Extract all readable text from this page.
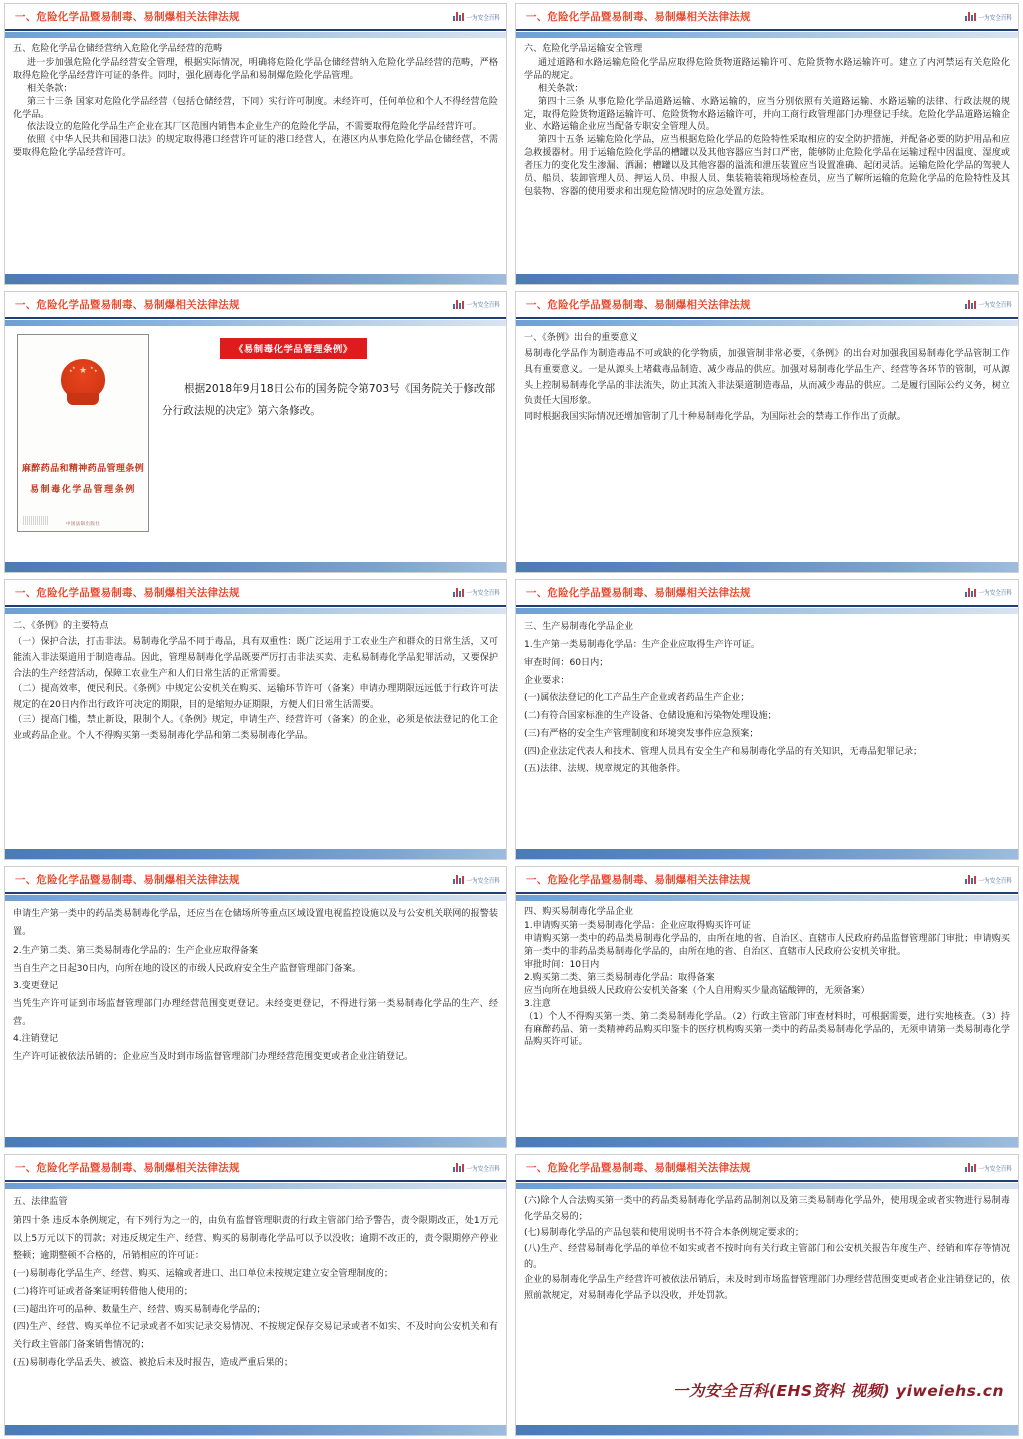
一、危险化学品暨易制毒、易制爆相关法律法规	一为安全百科

五、危险化学品仓储经营纳入危险化学品经营的范畴

进一步加强危险化学品经营安全管理，根据实际情况，明确将危险化学品仓储经营纳入危险化学品经营的范畴，严格取得危险化学品经营许可证的条件。同时，强化剧毒化学品和易制爆危险化学品管理。

相关条款：

第三十三条 国家对危险化学品经营（包括仓储经营，下同）实行许可制度。未经许可，任何单位和个人不得经营危险化学品。

依法设立的危险化学品生产企业在其厂区范围内销售本企业生产的危险化学品，不需要取得危险化学品经营许可。

依照《中华人民共和国港口法》的规定取得港口经营许可证的港口经营人，在港区内从事危险化学品仓储经营，不需要取得危险化学品经营许可。

一、危险化学品暨易制毒、易制爆相关法律法规	一为安全百科

六、危险化学品运输安全管理

通过道路和水路运输危险化学品应取得危险货物道路运输许可、危险货物水路运输许可。建立了内河禁运有关危险化学品的规定。

相关条款：

第四十三条 从事危险化学品道路运输、水路运输的，应当分别依照有关道路运输、水路运输的法律、行政法规的规定，取得危险货物道路运输许可、危险货物水路运输许可，并向工商行政管理部门办理登记手续。危险化学品道路运输企业、水路运输企业应当配备专职安全管理人员。

第四十五条 运输危险化学品，应当根据危险化学品的危险特性采取相应的安全防护措施，并配备必要的防护用品和应急救援器材。用于运输危险化学品的槽罐以及其他容器应当封口严密，能够防止危险化学品在运输过程中因温度、湿度或者压力的变化发生渗漏、洒漏；槽罐以及其他容器的溢流和泄压装置应当设置准确、起闭灵活。运输危险化学品的驾驶人员、船员、装卸管理人员、押运人员、申报人员、集装箱装箱现场检查员，应当了解所运输的危险化学品的危险特性及其包装物、容器的使用要求和出现危险情况时的应急处置方法。

一、危险化学品暨易制毒、易制爆相关法律法规	一为安全百科
★
★
★	★
★
麻醉药品和精神药品管理条例
易制毒化学品管理条例
中国法制出版社
《易制毒化学品管理条例》
根据2018年9月18日公布的国务院令第703号《国务院关于修改部分行政法规的决定》第六条修改。
一、危险化学品暨易制毒、易制爆相关法律法规	一为安全百科

一、《条例》出台的重要意义

易制毒化学品作为制造毒品不可或缺的化学物质，加强管制非常必要，《条例》的出台对加强我国易制毒化学品管制工作具有重要意义。一是从源头上堵截毒品制造、减少毒品的供应。加强对易制毒化学品生产、经营等各环节的管制，可从源头上控制易制毒化学品的非法流失，防止其流入非法渠道制造毒品，从而减少毒品的供应。二是履行国际公约义务，树立负责任大国形象。

同时根据我国实际情况还增加管制了几十种易制毒化学品，为国际社会的禁毒工作作出了贡献。

一、危险化学品暨易制毒、易制爆相关法律法规	一为安全百科

二、《条例》的主要特点

（一）保护合法，打击非法。易制毒化学品不同于毒品，具有双重性：既广泛运用于工农业生产和群众的日常生活，又可能流入非法渠道用于制造毒品。因此，管理易制毒化学品既要严厉打击非法买卖、走私易制毒化学品犯罪活动，又要保护合法的生产经营活动，保障工农业生产和人们日常生活的正常需要。

（二）提高效率，便民利民。《条例》中规定公安机关在购买、运输环节许可（备案）申请办理期限远远低于行政许可法规定的在20日内作出行政许可决定的期限，目的是缩短办证期限，方便人们日常生活需要。

（三）提高门槛，禁止新设，限制个人。《条例》规定，申请生产、经营许可（备案）的企业，必须是依法登记的化工企业或药品企业。个人不得购买第一类易制毒化学品和第二类易制毒化学品。

一、危险化学品暨易制毒、易制爆相关法律法规	一为安全百科

三、生产易制毒化学品企业

1.生产第一类易制毒化学品：生产企业应取得生产许可证。

审查时间：60日内；

企业要求：

(一)属依法登记的化工产品生产企业或者药品生产企业；

(二)有符合国家标准的生产设备、仓储设施和污染物处理设施；

(三)有严格的安全生产管理制度和环境突发事件应急预案；

(四)企业法定代表人和技术、管理人员具有安全生产和易制毒化学品的有关知识，无毒品犯罪记录；

(五)法律、法规、规章规定的其他条件。

一、危险化学品暨易制毒、易制爆相关法律法规	一为安全百科

申请生产第一类中的药品类易制毒化学品，还应当在仓储场所等重点区域设置电视监控设施以及与公安机关联网的报警装置。

2.生产第二类、第三类易制毒化学品的：生产企业应取得备案

当自生产之日起30日内，向所在地的设区的市级人民政府安全生产监督管理部门备案。

3.变更登记

当凭生产许可证到市场监督管理部门办理经营范围变更登记。未经变更登记，不得进行第一类易制毒化学品的生产、经营。

4.注销登记

生产许可证被依法吊销的；企业应当及时到市场监督管理部门办理经营范围变更或者企业注销登记。

一、危险化学品暨易制毒、易制爆相关法律法规	一为安全百科

四、购买易制毒化学品企业

1.申请购买第一类易制毒化学品：企业应取得购买许可证

申请购买第一类中的药品类易制毒化学品的，由所在地的省、自治区、直辖市人民政府药品监督管理部门审批；申请购买第一类中的非药品类易制毒化学品的，由所在地的省、自治区、直辖市人民政府公安机关审批。

审批时间：10日内

2.购买第二类、第三类易制毒化学品：取得备案

应当向所在地县级人民政府公安机关备案（个人自用购买少量高锰酸钾的，无须备案）

3.注意

（1）个人不得购买第一类、第二类易制毒化学品。（2）行政主管部门审查材料时，可根据需要，进行实地核查。（3）持有麻醉药品、第一类精神药品购买印鉴卡的医疗机构购买第一类中的药品类易制毒化学品的，无须申请第一类易制毒化学品购买许可证。

一、危险化学品暨易制毒、易制爆相关法律法规	一为安全百科

五、法律监管

第四十条 违反本条例规定，有下列行为之一的，由负有监督管理职责的行政主管部门给予警告，责令限期改正，处1万元以上5万元以下的罚款；对违反规定生产、经营、购买的易制毒化学品可以予以没收；逾期不改正的，责令限期停产停业整顿；逾期整顿不合格的，吊销相应的许可证：

(一)易制毒化学品生产、经营、购买、运输或者进口、出口单位未按规定建立安全管理制度的；

(二)将许可证或者备案证明转借他人使用的；

(三)超出许可的品种、数量生产、经营、购买易制毒化学品的；

(四)生产、经营、购买单位不记录或者不如实记录交易情况、不按规定保存交易记录或者不如实、不及时向公安机关和有关行政主管部门备案销售情况的；

(五)易制毒化学品丢失、被盗、被抢后未及时报告，造成严重后果的；

一、危险化学品暨易制毒、易制爆相关法律法规	一为安全百科

(六)除个人合法购买第一类中的药品类易制毒化学品药品制剂以及第三类易制毒化学品外，使用现金或者实物进行易制毒化学品交易的；

(七)易制毒化学品的产品包装和使用说明书不符合本条例规定要求的；

(八)生产、经营易制毒化学品的单位不如实或者不按时向有关行政主管部门和公安机关报告年度生产、经销和库存等情况的。

企业的易制毒化学品生产经营许可被依法吊销后，未及时到市场监督管理部门办理经营范围变更或者企业注销登记的，依照前款规定，对易制毒化学品予以没收，并处罚款。

一为安全百科(EHS资料 视频) yiweiehs.cn
